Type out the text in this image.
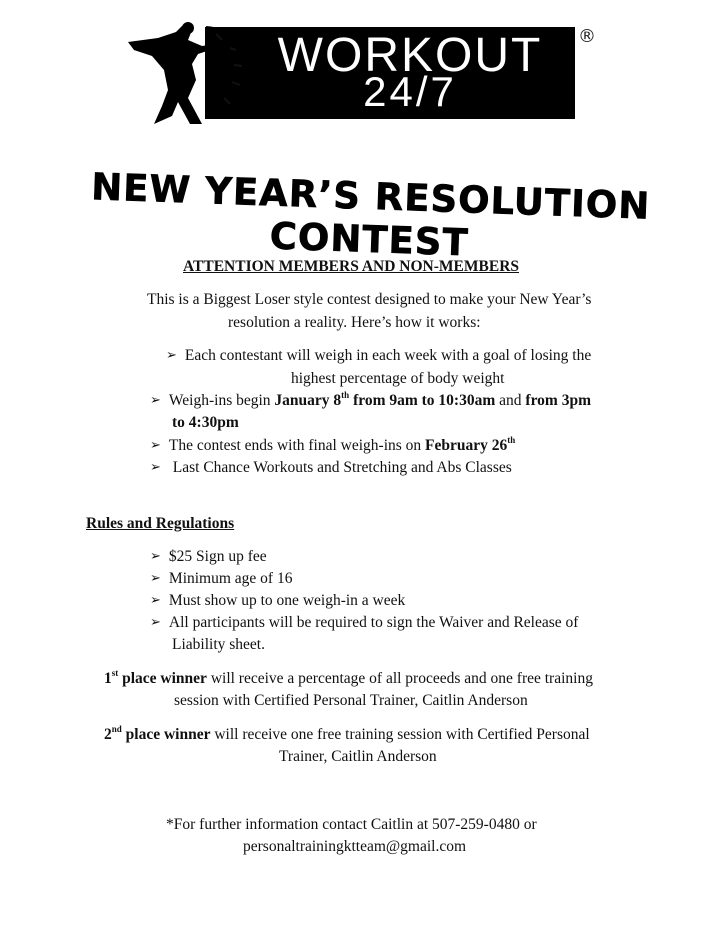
WORKOUT
24/7
®
NEW YEAR’S RESOLUTION CONTEST
ATTENTION MEMBERS AND NON-MEMBERS
This is a Biggest Loser style contest designed to make your New Year’s
resolution a reality. Here’s how it works:
➢ Each contestant will weigh in each week with a goal of losing the
highest percentage of body weight
➢ Weigh-ins begin January 8th from 9am to 10:30am and from 3pm
to 4:30pm
➢ The contest ends with final weigh-ins on February 26th
➢ Last Chance Workouts and Stretching and Abs Classes
Rules and Regulations
➢ $25 Sign up fee
➢ Minimum age of 16
➢ Must show up to one weigh-in a week
➢ All participants will be required to sign the Waiver and Release of
Liability sheet.
1st place winner will receive a percentage of all proceeds and one free training
session with Certified Personal Trainer, Caitlin Anderson
2nd place winner will receive one free training session with Certified Personal
Trainer, Caitlin Anderson
*For further information contact Caitlin at 507-259-0480 or
personaltrainingktteam@gmail.com
